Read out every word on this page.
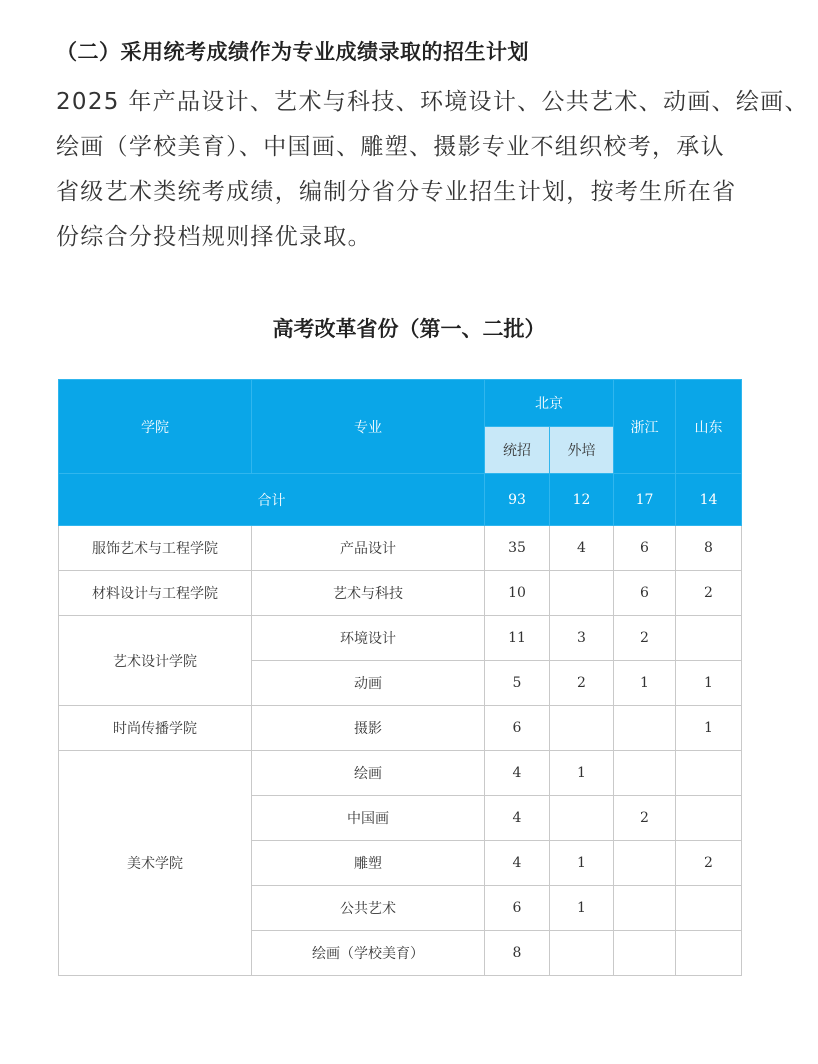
（二）采用统考成绩作为专业成绩录取的招生计划
2025 年产品设计、艺术与科技、环境设计、公共艺术、动画、绘画、
绘画（学校美育）、中国画、雕塑、摄影专业不组织校考，承认
省级艺术类统考成绩，编制分省分专业招生计划，按考生所在省
份综合分投档规则择优录取。
高考改革省份（第一、二批）
学院	专业	北京		浙江	山东
		统招	外培		
合计		93	12	17	14
服饰艺术与工程学院	产品设计	35	4	6	8
材料设计与工程学院	艺术与科技	10		6	2
艺术设计学院	环境设计	11	3	2	
	动画	5	2	1	1
时尚传播学院	摄影	6			1
美术学院	绘画	4	1		
	中国画	4		2	
	雕塑	4	1		2
	公共艺术	6	1		
	绘画（学校美育）	8			
